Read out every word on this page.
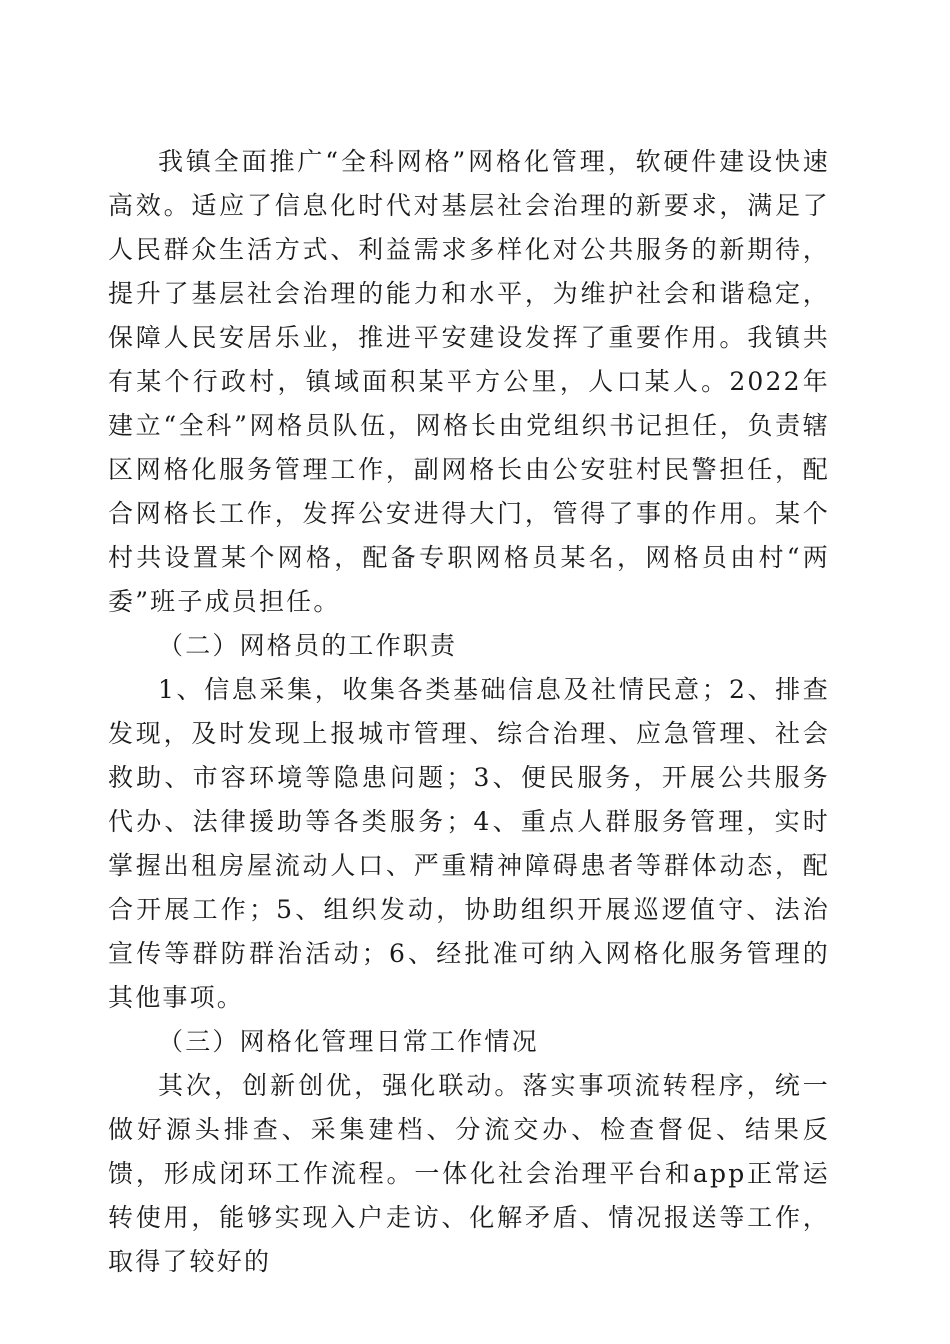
我镇全面推广“全科网格”网格化管理，软硬件建设快速高效。适应了信息化时代对基层社会治理的新要求，满足了人民群众生活方式、利益需求多样化对公共服务的新期待，提升了基层社会治理的能力和水平，为维护社会和谐稳定，保障人民安居乐业，推进平安建设发挥了重要作用。我镇共有某个行政村，镇域面积某平方公里，人口某人。2022年建立“全科”网格员队伍，网格长由党组织书记担任，负责辖区网格化服务管理工作，副网格长由公安驻村民警担任，配合网格长工作，发挥公安进得大门，管得了事的作用。某个村共设置某个网格，配备专职网格员某名，网格员由村“两委”班子成员担任。

（二）网格员的工作职责

1、信息采集，收集各类基础信息及社情民意；2、排查发现，及时发现上报城市管理、综合治理、应急管理、社会救助、市容环境等隐患问题；3、便民服务，开展公共服务代办、法律援助等各类服务；4、重点人群服务管理，实时掌握出租房屋流动人口、严重精神障碍患者等群体动态，配合开展工作；5、组织发动，协助组织开展巡逻值守、法治宣传等群防群治活动；6、经批准可纳入网格化服务管理的其他事项。

（三）网格化管理日常工作情况

其次，创新创优，强化联动。落实事项流转程序，统一做好源头排查、采集建档、分流交办、检查督促、结果反馈，形成闭环工作流程。一体化社会治理平台和app正常运转使用，能够实现入户走访、化解矛盾、情况报送等工作，取得了较好的
